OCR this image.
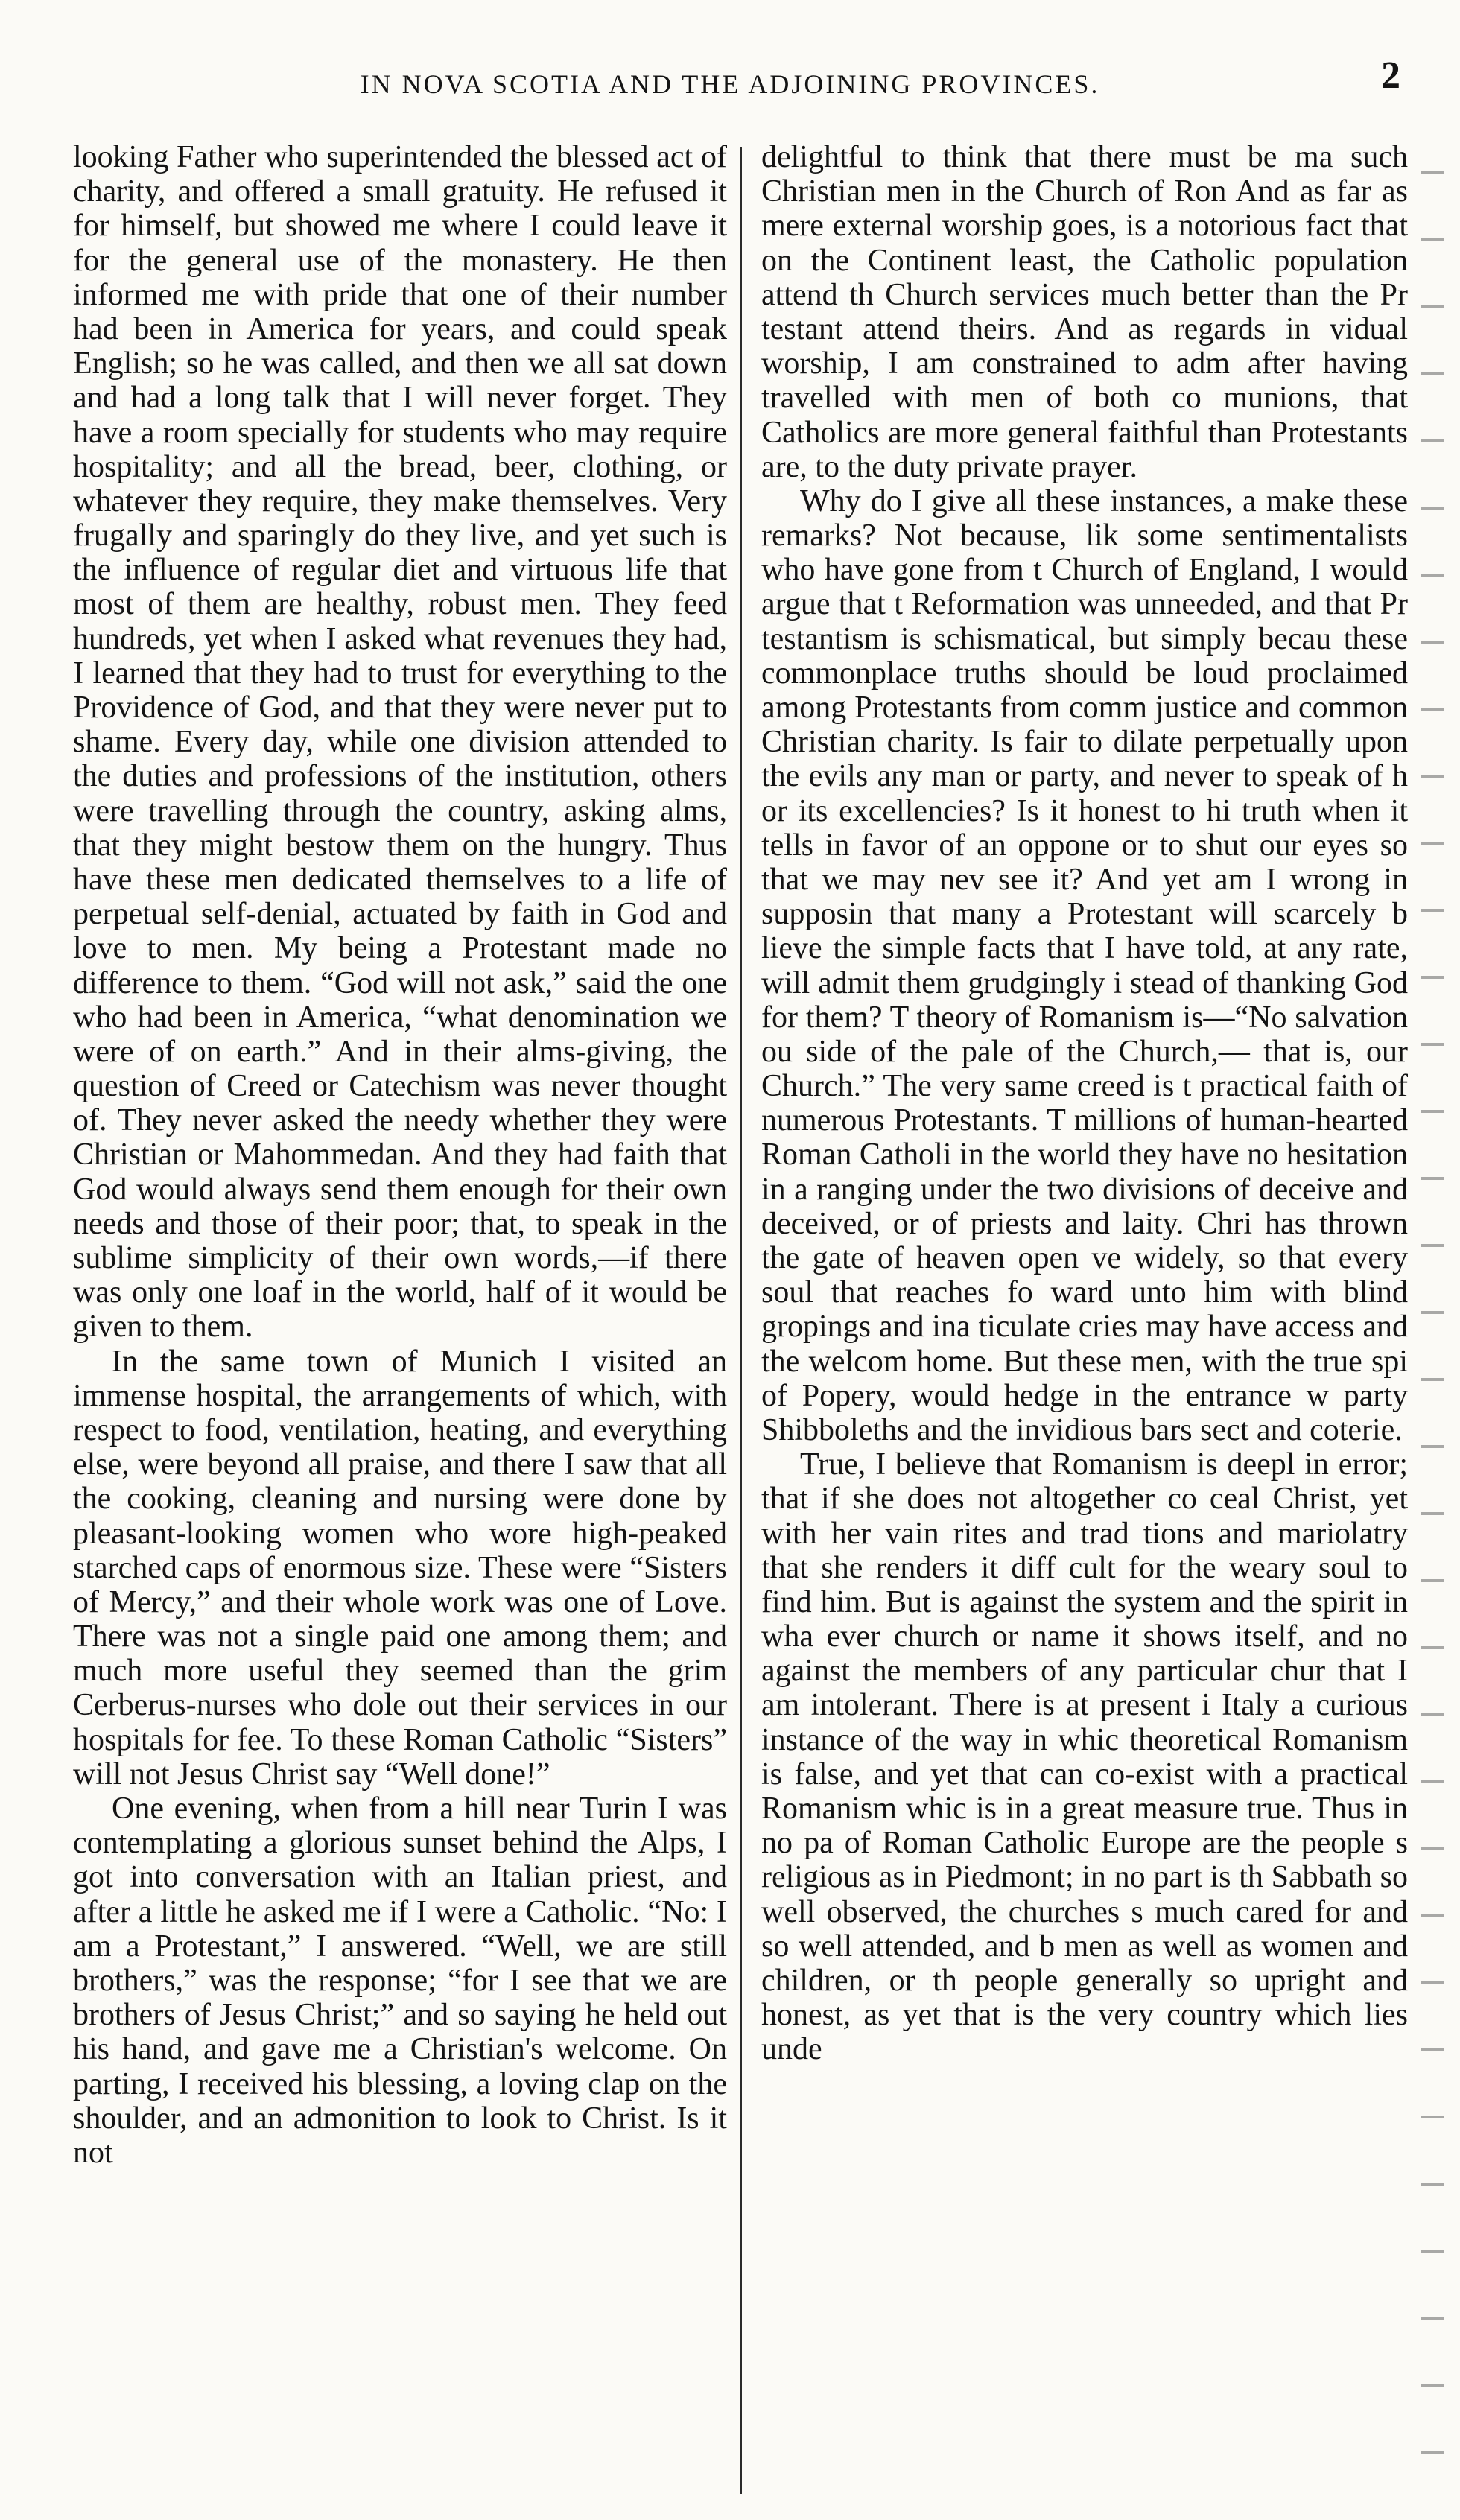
IN NOVA SCOTIA AND THE ADJOINING PROVINCES.	2

looking Father who superintended the blessed act of charity, and offered a small gratuity. He refused it for himself, but showed me where I could leave it for the general use of the monastery. He then informed me with pride that one of their number had been in America for years, and could speak English; so he was called, and then we all sat down and had a long talk that I will never forget. They have a room specially for students who may require hospitality; and all the bread, beer, clothing, or whatever they require, they make themselves. Very frugally and sparingly do they live, and yet such is the influence of regular diet and virtuous life that most of them are healthy, robust men. They feed hundreds, yet when I asked what revenues they had, I learned that they had to trust for everything to the Providence of God, and that they were never put to shame. Every day, while one division attended to the duties and professions of the institution, others were travelling through the country, asking alms, that they might bestow them on the hungry. Thus have these men dedicated themselves to a life of perpetual self-denial, actuated by faith in God and love to men. My being a Protestant made no difference to them. “God will not ask,” said the one who had been in America, “what denomination we were of on earth.” And in their alms-giving, the question of Creed or Catechism was never thought of. They never asked the needy whether they were Christian or Mahommedan. And they had faith that God would always send them enough for their own needs and those of their poor; that, to speak in the sublime simplicity of their own words,—if there was only one loaf in the world, half of it would be given to them.

In the same town of Munich I visited an immense hospital, the arrangements of which, with respect to food, ventilation, heating, and everything else, were beyond all praise, and there I saw that all the cooking, cleaning and nursing were done by pleasant-looking women who wore high-peaked starched caps of enormous size. These were “Sisters of Mercy,” and their whole work was one of Love. There was not a single paid one among them; and much more useful they seemed than the grim Cerberus-nurses who dole out their services in our hospitals for fee. To these Roman Catholic “Sisters” will not Jesus Christ say “Well done!”

One evening, when from a hill near Turin I was contemplating a glorious sunset behind the Alps, I got into conversation with an Italian priest, and after a little he asked me if I were a Catholic. “No: I am a Protestant,” I answered. “Well, we are still brothers,” was the response; “for I see that we are brothers of Jesus Christ;” and so saying he held out his hand, and gave me a Christian's welcome. On parting, I received his blessing, a loving clap on the shoulder, and an admonition to look to Christ. Is it not

delightful to think that there must be ma such Christian men in the Church of Ron And as far as mere external worship goes, is a notorious fact that on the Continent least, the Catholic population attend th Church services much better than the Pr testant attend theirs. And as regards in vidual worship, I am constrained to adm after having travelled with men of both co munions, that Catholics are more general faithful than Protestants are, to the duty private prayer.

Why do I give all these instances, a make these remarks? Not because, lik some sentimentalists who have gone from t Church of England, I would argue that t Reformation was unneeded, and that Pr testantism is schismatical, but simply becau these commonplace truths should be loud proclaimed among Protestants from comm justice and common Christian charity. Is fair to dilate perpetually upon the evils any man or party, and never to speak of h or its excellencies? Is it honest to hi truth when it tells in favor of an oppone or to shut our eyes so that we may nev see it? And yet am I wrong in supposin that many a Protestant will scarcely b lieve the simple facts that I have told, at any rate, will admit them grudgingly i stead of thanking God for them? T theory of Romanism is—“No salvation ou side of the pale of the Church,— that is, our Church.” The very same creed is t practical faith of numerous Protestants. T millions of human-hearted Roman Catholi in the world they have no hesitation in a ranging under the two divisions of deceive and deceived, or of priests and laity. Chri has thrown the gate of heaven open ve widely, so that every soul that reaches fo ward unto him with blind gropings and ina ticulate cries may have access and the welcom home. But these men, with the true spi of Popery, would hedge in the entrance w party Shibboleths and the invidious bars sect and coterie.

True, I believe that Romanism is deepl in error; that if she does not altogether co ceal Christ, yet with her vain rites and trad tions and mariolatry that she renders it diff cult for the weary soul to find him. But is against the system and the spirit in wha ever church or name it shows itself, and no against the members of any particular chur that I am intolerant. There is at present i Italy a curious instance of the way in whic theoretical Romanism is false, and yet that can co-exist with a practical Romanism whic is in a great measure true. Thus in no pa of Roman Catholic Europe are the people s religious as in Piedmont; in no part is th Sabbath so well observed, the churches s much cared for and so well attended, and b men as well as women and children, or th people generally so upright and honest, as yet that is the very country which lies unde
